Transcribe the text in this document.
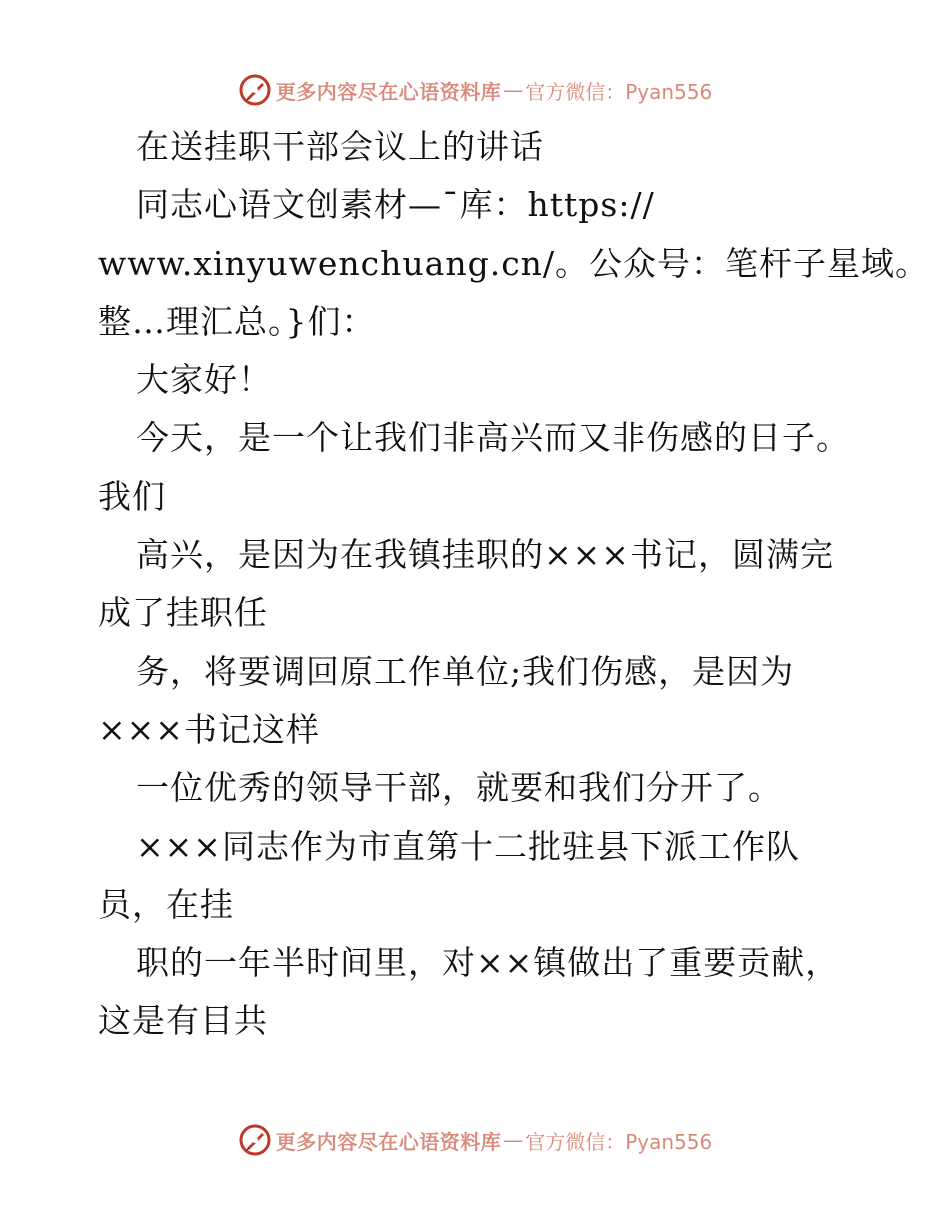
更多内容尽在心语资料库 — 官方微信：Pyan556
在送挂职干部会议上的讲话
同志心语文创素材—¯库：https://
www.xinyuwenchuang.cn/。公众号：笔杆子星域。
整…理汇总。}们：
大家好！
今天，是一个让我们非高兴而又非伤感的日子。
我们
高兴，是因为在我镇挂职的×××书记，圆满完
成了挂职任
务，将要调回原工作单位;我们伤感，是因为
×××书记这样
一位优秀的领导干部，就要和我们分开了。
×××同志作为市直第十二批驻县下派工作队
员，在挂
职的一年半时间里，对××镇做出了重要贡献，
这是有目共
更多内容尽在心语资料库 — 官方微信：Pyan556
